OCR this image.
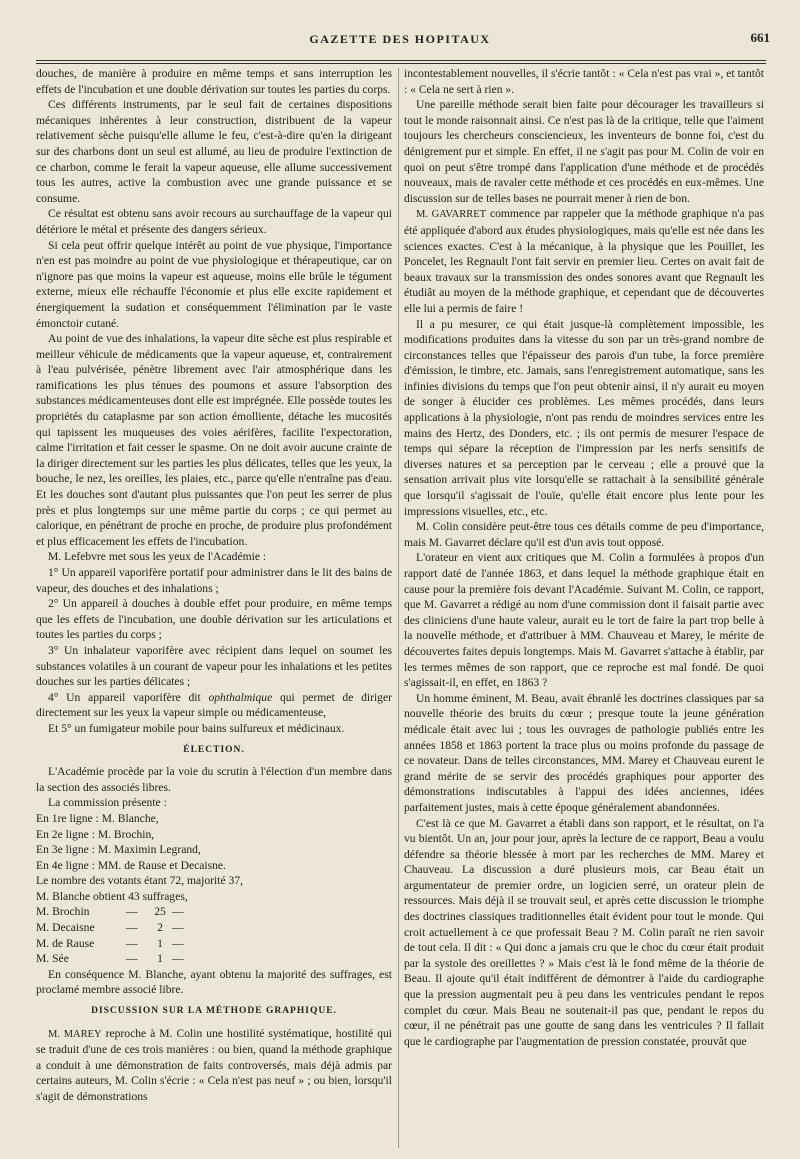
GAZETTE DES HOPITAUX	661

douches, de manière à produire en même temps et sans interruption les effets de l'incubation et une double dérivation sur toutes les parties du corps.

Ces différents instruments, par le seul fait de certaines dispositions mécaniques inhérentes à leur construction, distribuent de la vapeur relativement sèche puisqu'elle allume le feu, c'est-à-dire qu'en la dirigeant sur des charbons dont un seul est allumé, au lieu de produire l'extinction de ce charbon, comme le ferait la vapeur aqueuse, elle allume successivement tous les autres, active la combustion avec une grande puissance et se consume.

Ce résultat est obtenu sans avoir recours au surchauffage de la vapeur qui détériore le métal et présente des dangers sérieux.

Si cela peut offrir quelque intérêt au point de vue physique, l'importance n'en est pas moindre au point de vue physiologique et thérapeutique, car on n'ignore pas que moins la vapeur est aqueuse, moins elle brûle le tégument externe, mieux elle réchauffe l'économie et plus elle excite rapidement et énergiquement la sudation et conséquemment l'élimination par le vaste émonctoir cutané.

Au point de vue des inhalations, la vapeur dite sèche est plus respirable et meilleur véhicule de médicaments que la vapeur aqueuse, et, contrairement à l'eau pulvérisée, pénètre librement avec l'air atmosphérique dans les ramifications les plus ténues des poumons et assure l'absorption des substances médicamenteuses dont elle est imprégnée. Elle possède toutes les propriétés du cataplasme par son action émolliente, détache les mucosités qui tapissent les muqueuses des voies aérifères, facilite l'expectoration, calme l'irritation et fait cesser le spasme. On ne doit avoir aucune crainte de la diriger directement sur les parties les plus délicates, telles que les yeux, la bouche, le nez, les oreilles, les plaies, etc., parce qu'elle n'entraîne pas d'eau. Et les douches sont d'autant plus puissantes que l'on peut les serrer de plus près et plus longtemps sur une même partie du corps ; ce qui permet au calorique, en pénétrant de proche en proche, de produire plus profondément et plus efficacement les effets de l'incubation.

M. Lefebvre met sous les yeux de l'Académie :

1° Un appareil vaporifère portatif pour administrer dans le lit des bains de vapeur, des douches et des inhalations ;

2° Un appareil à douches à double effet pour produire, en même temps que les effets de l'incubation, une double dérivation sur les articulations et toutes les parties du corps ;

3° Un inhalateur vaporifère avec récipient dans lequel on soumet les substances volatiles à un courant de vapeur pour les inhalations et les petites douches sur les parties délicates ;

4° Un appareil vaporifère dit ophthalmique qui permet de diriger directement sur les yeux la vapeur simple ou médicamenteuse,

Et 5° un fumigateur mobile pour bains sulfureux et médicinaux.

ÉLECTION.

L'Académie procède par la voie du scrutin à l'élection d'un membre dans la section des associés libres.

La commission présente :

En 1re ligne : M. Blanche,

En 2e ligne : M. Brochin,

En 3e ligne : M. Maximin Legrand,

En 4e ligne : MM. de Rause et Decaisne.

Le nombre des votants étant 72, majorité 37,

M. Blanche obtient 43 suffrages,

M. Brochin	— 25 —

M. Decaisne	— 2 —

M. de Rause	— 1 —

M. Sée	— 1 —

En conséquence M. Blanche, ayant obtenu la majorité des suffrages, est proclamé membre associé libre.

DISCUSSION SUR LA MÉTHODE GRAPHIQUE.

M. MAREY reproche à M. Colin une hostilité systématique, hostilité qui se traduit d'une de ces trois manières : ou bien, quand la méthode graphique a conduit à une démonstration de faits controversés, mais déjà admis par certains auteurs, M. Colin s'écrie : « Cela n'est pas neuf » ; ou bien, lorsqu'il s'agit de démonstrations

incontestablement nouvelles, il s'écrie tantôt : « Cela n'est pas vrai », et tantôt : « Cela ne sert à rien ».

Une pareille méthode serait bien faite pour décourager les travailleurs si tout le monde raisonnait ainsi. Ce n'est pas là de la critique, telle que l'aiment toujours les chercheurs consciencieux, les inventeurs de bonne foi, c'est du dénigrement pur et simple. En effet, il ne s'agit pas pour M. Colin de voir en quoi on peut s'être trompé dans l'application d'une méthode et de procédés nouveaux, mais de ravaler cette méthode et ces procédés en eux-mêmes. Une discussion sur de telles bases ne pourrait mener à rien de bon.

M. GAVARRET commence par rappeler que la méthode graphique n'a pas été appliquée d'abord aux études physiologiques, mais qu'elle est née dans les sciences exactes. C'est à la mécanique, à la physique que les Pouillet, les Poncelet, les Regnault l'ont fait servir en premier lieu. Certes on avait fait de beaux travaux sur la transmission des ondes sonores avant que Regnault les étudiât au moyen de la méthode graphique, et cependant que de découvertes elle lui a permis de faire !

Il a pu mesurer, ce qui était jusque-là complètement impossible, les modifications produites dans la vitesse du son par un très-grand nombre de circonstances telles que l'épaisseur des parois d'un tube, la force première d'émission, le timbre, etc. Jamais, sans l'enregistrement automatique, sans les infinies divisions du temps que l'on peut obtenir ainsi, il n'y aurait eu moyen de songer à élucider ces problèmes. Les mêmes procédés, dans leurs applications à la physiologie, n'ont pas rendu de moindres services entre les mains des Hertz, des Donders, etc. ; ils ont permis de mesurer l'espace de temps qui sépare la réception de l'impression par les nerfs sensitifs de diverses natures et sa perception par le cerveau ; elle a prouvé que la sensation arrivait plus vite lorsqu'elle se rattachait à la sensibilité générale que lorsqu'il s'agissait de l'ouïe, qu'elle était encore plus lente pour les impressions visuelles, etc., etc.

M. Colin considère peut-être tous ces détails comme de peu d'importance, mais M. Gavarret déclare qu'il est d'un avis tout opposé.

L'orateur en vient aux critiques que M. Colin a formulées à propos d'un rapport daté de l'année 1863, et dans lequel la méthode graphique était en cause pour la première fois devant l'Académie. Suivant M. Colin, ce rapport, que M. Gavarret a rédigé au nom d'une commission dont il faisait partie avec des cliniciens d'une haute valeur, aurait eu le tort de faire la part trop belle à la nouvelle méthode, et d'attribuer à MM. Chauveau et Marey, le mérite de découvertes faites depuis longtemps. Mais M. Gavarret s'attache à établir, par les termes mêmes de son rapport, que ce reproche est mal fondé. De quoi s'agissait-il, en effet, en 1863 ?

Un homme éminent, M. Beau, avait ébranlé les doctrines classiques par sa nouvelle théorie des bruits du cœur ; presque toute la jeune génération médicale était avec lui ; tous les ouvrages de pathologie publiés entre les années 1858 et 1863 portent la trace plus ou moins profonde du passage de ce novateur. Dans de telles circonstances, MM. Marey et Chauveau eurent le grand mérite de se servir des procédés graphiques pour apporter des démonstrations indiscutables à l'appui des idées anciennes, idées parfaitement justes, mais à cette époque généralement abandonnées.

C'est là ce que M. Gavarret a établi dans son rapport, et le résultat, on l'a vu bientôt. Un an, jour pour jour, après la lecture de ce rapport, Beau a voulu défendre sa théorie blessée à mort par les recherches de MM. Marey et Chauveau. La discussion a duré plusieurs mois, car Beau était un argumentateur de premier ordre, un logicien serré, un orateur plein de ressources. Mais déjà il se trouvait seul, et après cette discussion le triomphe des doctrines classiques traditionnelles était évident pour tout le monde. Qui croit actuellement à ce que professait Beau ? M. Colin paraît ne rien savoir de tout cela. Il dit : « Qui donc a jamais cru que le choc du cœur était produit par la systole des oreillettes ? » Mais c'est là le fond même de la théorie de Beau. Il ajoute qu'il était indifférent de démontrer à l'aide du cardiographe que la pression augmentait peu à peu dans les ventricules pendant le repos complet du cœur. Mais Beau ne soutenait-il pas que, pendant le repos du cœur, il ne pénétrait pas une goutte de sang dans les ventricules ? Il fallait que le cardiographe par l'augmentation de pression constatée, prouvât que
